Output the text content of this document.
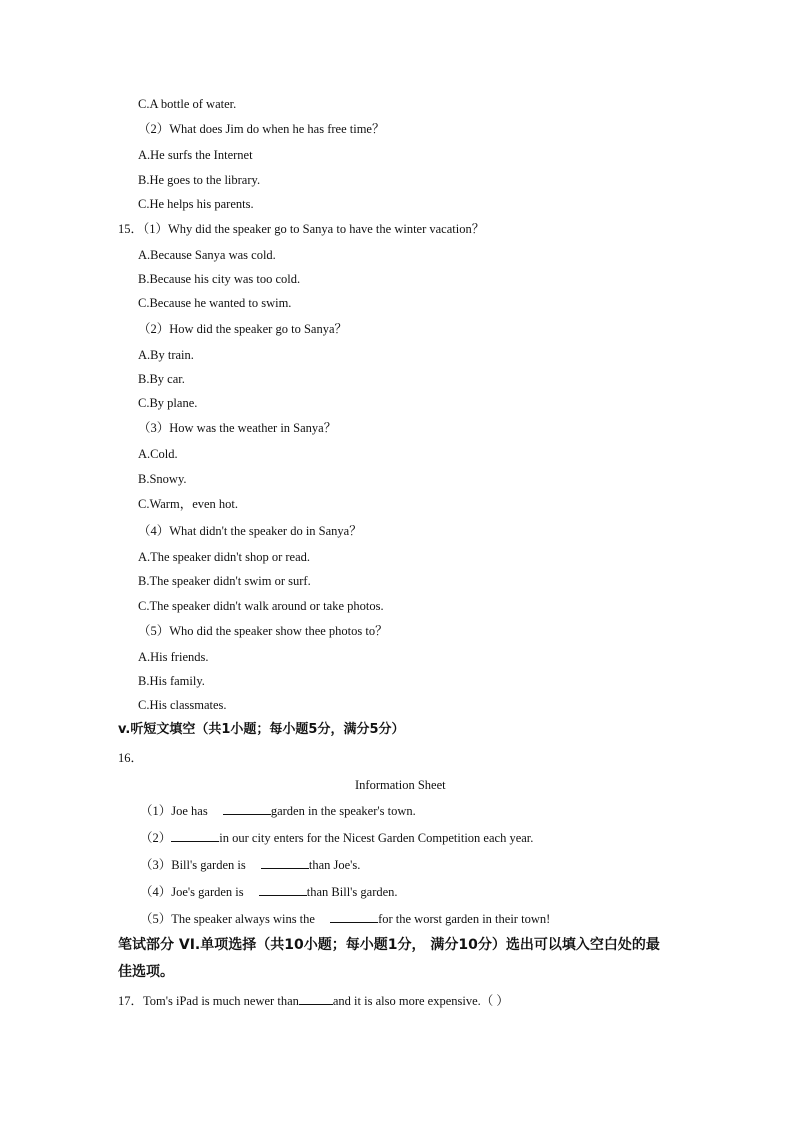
C.A bottle of water.
（2）What does Jim do when he has free time？
A.He surfs the Internet
B.He goes to the library.
C.He helps his parents.
15．（1）Why did the speaker go to Sanya to have the winter vacation？
A.Because Sanya was cold.
B.Because his city was too cold.
C.Because he wanted to swim.
（2）How did the speaker go to Sanya？
A.By train.
B.By car.
C.By plane.
（3）How was the weather in Sanya？
A.Cold.
B.Snowy.
C.Warm，even hot.
（4）What didn't the speaker do in Sanya？
A.The speaker didn't shop or read.
B.The speaker didn't swim or surf.
C.The speaker didn't walk around or take photos.
（5）Who did the speaker show thee photos to？
A.His friends.
B.His family.
C.His classmates.
v.听短文填空（共1小题；每小题5分，满分5分）
16．
Information Sheet
（1）Joe has	garden in the speaker's town.
（2）	in our city enters for the Nicest Garden Competition each year.
（3）Bill's garden is	than Joe's.
（4）Joe's garden is	than Bill's garden.
（5）The speaker always wins the	for the worst garden in their town!
笔试部分 VI.单项选择（共10小题；每小题1分， 满分10分）选出可以填入空白处的最
佳选项。
17．Tom's iPad is much newer than	and it is also more expensive.（ ）
